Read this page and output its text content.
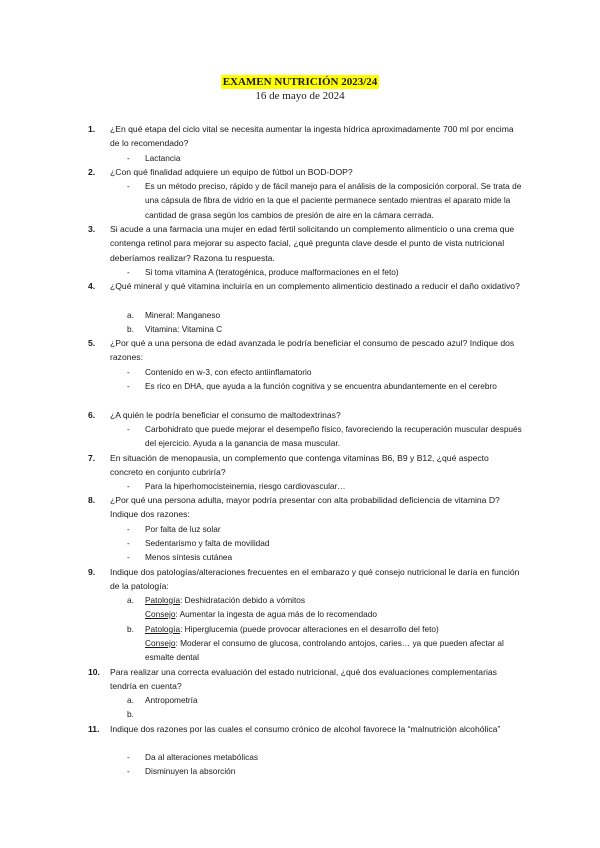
EXAMEN NUTRICIÓN 2023/24
16 de mayo de 2024
1. ¿En qué etapa del ciclo vital se necesita aumentar la ingesta hídrica aproximadamente 700 ml por encima de lo recomendado?
- Lactancia
2. ¿Con qué finalidad adquiere un equipo de fútbol un BOD-DOP?
- Es un método preciso, rápido y de fácil manejo para el análisis de la composición corporal. Se trata de una cápsula de fibra de vidrio en la que el paciente permanece sentado mientras el aparato mide la cantidad de grasa según los cambios de presión de aire en la cámara cerrada.
3. Si acude a una farmacia una mujer en edad fértil solicitando un complemento alimenticio o una crema que contenga retinol para mejorar su aspecto facial, ¿qué pregunta clave desde el punto de vista nutricional deberíamos realizar? Razona tu respuesta.
- Si toma vitamina A (teratogénica, produce malformaciones en el feto)
4. ¿Qué mineral y qué vitamina incluiría en un complemento alimenticio destinado a reducir el daño oxidativo?
a. Mineral: Manganeso
b. Vitamina: Vitamina C
5. ¿Por qué a una persona de edad avanzada le podría beneficiar el consumo de pescado azul? Indique dos razones:
- Contenido en w-3, con efecto antiinflamatorio
- Es rico en DHA, que ayuda a la función cognitiva y se encuentra abundantemente en el cerebro
6. ¿A quién le podría beneficiar el consumo de maltodextrinas?
- Carbohidrato que puede mejorar el desempeño físico, favoreciendo la recuperación muscular después del ejercicio. Ayuda a la ganancia de masa muscular.
7. En situación de menopausia, un complemento que contenga vitaminas B6, B9 y B12, ¿qué aspecto concreto en conjunto cubriría?
- Para la hiperhomocisteinemia, riesgo cardiovascular…
8. ¿Por qué una persona adulta, mayor podría presentar con alta probabilidad deficiencia de vitamina D? Indique dos razones:
- Por falta de luz solar
- Sedentarismo y falta de movilidad
- Menos síntesis cutánea
9. Indique dos patologías/alteraciones frecuentes en el embarazo y qué consejo nutricional le daría en función de la patología:
a. Patología: Deshidratación debido a vómitos
Consejo: Aumentar la ingesta de agua más de lo recomendado
b. Patología: Hiperglucemia (puede provocar alteraciones en el desarrollo del feto)
Consejo: Moderar el consumo de glucosa, controlando antojos, caries… ya que pueden afectar al esmalte dental
10. Para realizar una correcta evaluación del estado nutricional, ¿qué dos evaluaciones complementarias tendría en cuenta?
a. Antropometría
b.
11. Indique dos razones por las cuales el consumo crónico de alcohol favorece la “malnutrición alcohólica”
- Da al alteraciones metabólicas
- Disminuyen la absorción
